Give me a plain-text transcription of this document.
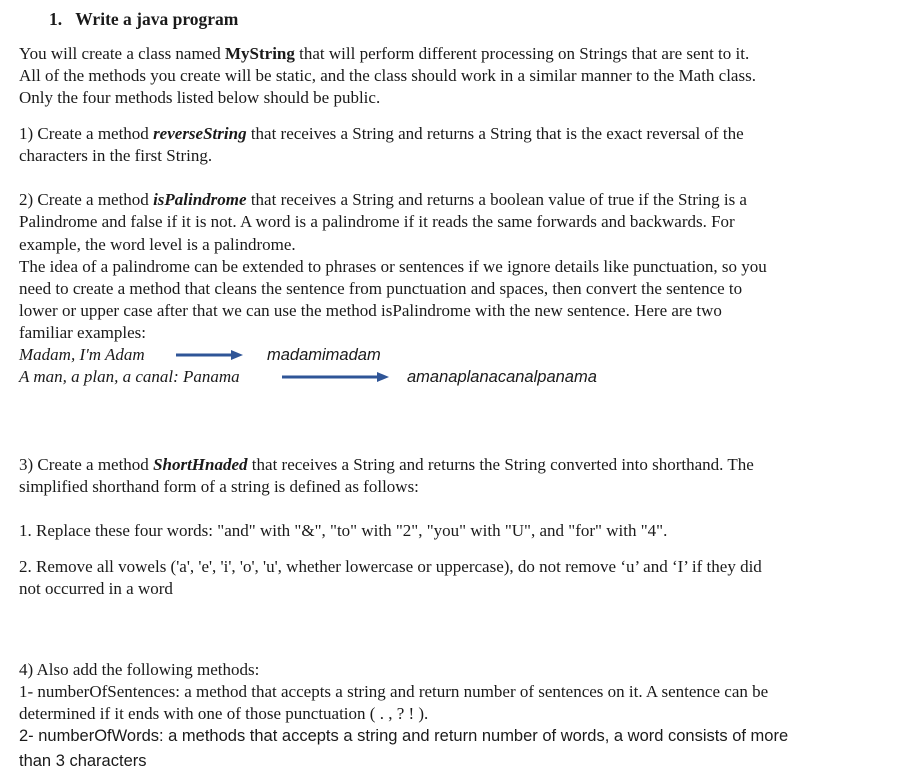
1. Write a java program
You will create a class named MyString that will perform different processing on Strings that are sent to it.
All of the methods you create will be static, and the class should work in a similar manner to the Math class.
Only the four methods listed below should be public.
1) Create a method reverseString that receives a String and returns a String that is the exact reversal of the
characters in the first String.
2) Create a method isPalindrome that receives a String and returns a boolean value of true if the String is a
Palindrome and false if it is not. A word is a palindrome if it reads the same forwards and backwards. For
example, the word level is a palindrome.
The idea of a palindrome can be extended to phrases or sentences if we ignore details like punctuation, so you
need to create a method that cleans the sentence from punctuation and spaces, then convert the sentence to
lower or upper case after that we can use the method isPalindrome with the new sentence. Here are two
familiar examples:
Madam, I'm Adam	madamimadam
A man, a plan, a canal: Panama	amanaplanacanalpanama
3) Create a method ShortHnaded that receives a String and returns the String converted into shorthand. The
simplified shorthand form of a string is defined as follows:
1. Replace these four words: "and" with "&", "to" with "2", "you" with "U", and "for" with "4".
2. Remove all vowels ('a', 'e', 'i', 'o', 'u', whether lowercase or uppercase), do not remove ‘u’ and ‘I’ if they did
not occurred in a word
4) Also add the following methods:
1- numberOfSentences: a method that accepts a string and return number of sentences on it. A sentence can be
determined if it ends with one of those punctuation ( . , ? ! ).
2- numberOfWords: a methods that accepts a string and return number of words, a word consists of more
than 3 characters
